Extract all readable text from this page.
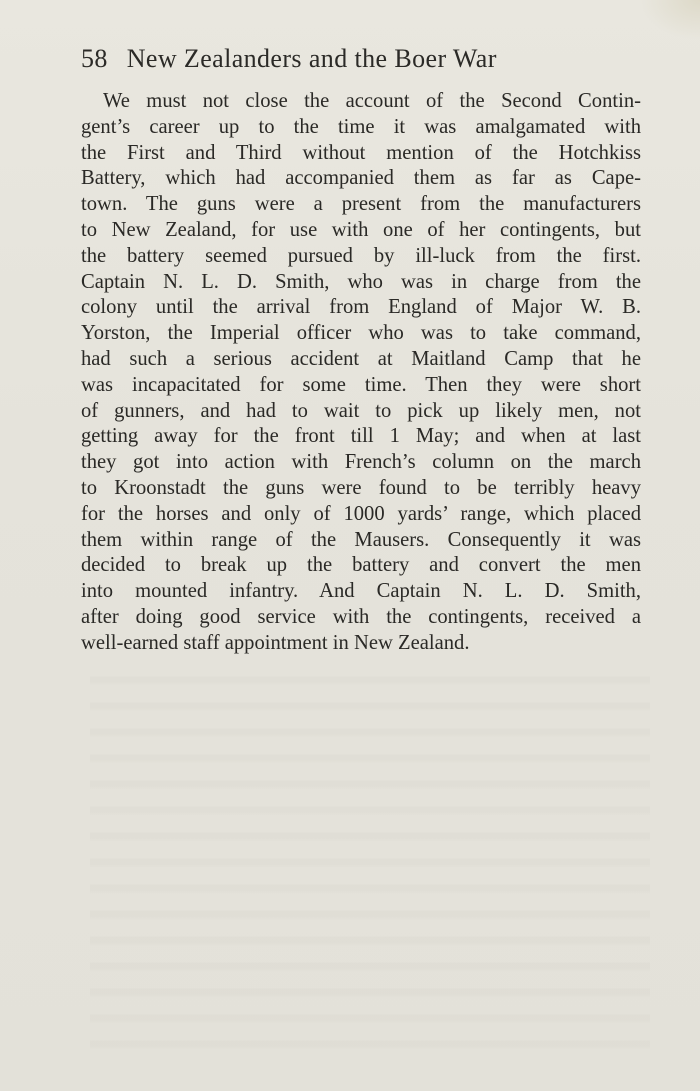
58 New Zealanders and the Boer War
We must not close the account of the Second Contin-
gent’s career up to the time it was amalgamated with
the First and Third without mention of the Hotchkiss
Battery, which had accompanied them as far as Cape-
town. The guns were a present from the manufacturers
to New Zealand, for use with one of her contingents, but
the battery seemed pursued by ill-luck from the first.
Captain N. L. D. Smith, who was in charge from the
colony until the arrival from England of Major W. B.
Yorston, the Imperial officer who was to take command,
had such a serious accident at Maitland Camp that he
was incapacitated for some time. Then they were short
of gunners, and had to wait to pick up likely men, not
getting away for the front till 1 May; and when at last
they got into action with French’s column on the march
to Kroonstadt the guns were found to be terribly heavy
for the horses and only of 1000 yards’ range, which placed
them within range of the Mausers. Consequently it was
decided to break up the battery and convert the men
into mounted infantry. And Captain N. L. D. Smith,
after doing good service with the contingents, received a
well-earned staff appointment in New Zealand.
